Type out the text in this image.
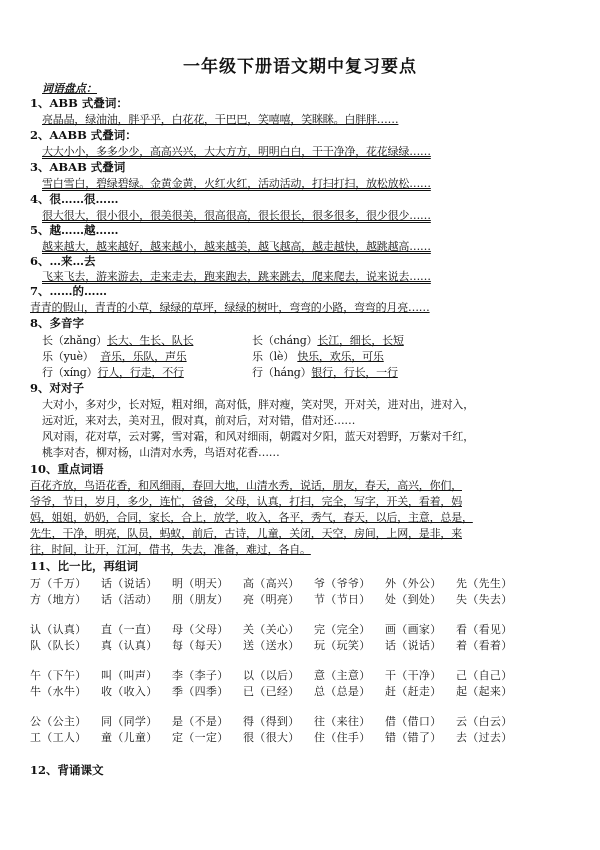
一年级下册语文期中复习要点
词语盘点：
1、ABB 式叠词：
亮晶晶，绿油油，胖乎乎，白花花，干巴巴，笑嘻嘻，笑眯眯。白胖胖……
2、AABB 式叠词：
大大小小，多多少少，高高兴兴，大大方方，明明白白，干干净净，花花绿绿……
3、ABAB 式叠词
雪白雪白，碧绿碧绿。金黄金黄，火红火红，活动活动，打扫打扫，放松放松……
4、很……很……
很大很大，很小很小，很美很美，很高很高，很长很长，很多很多，很少很少……
5、越……越……
越来越大，越来越好，越来越小，越来越美，越飞越高，越走越快，越跳越高……
6、…来…去
飞来飞去，游来游去，走来走去，跑来跑去，跳来跳去，爬来爬去，说来说去……
7、……的……
青青的假山，青青的小草，绿绿的草坪，绿绿的树叶，弯弯的小路，弯弯的月亮……
8、多音字
长（zhǎng）长大、生长、队长	长（cháng）长江，细长，长短
乐（yuè） 音乐，乐队，声乐	乐（lè） 快乐，欢乐，可乐
行（xíng）行人，行走，不行	行（háng）银行，行长，一行
9、对对子
大对小，多对少，长对短，粗对细，高对低，胖对瘦，笑对哭，开对关，进对出，进对入，
远对近，来对去，美对丑，假对真，前对后，对对错，借对还……
风对雨，花对草，云对雾，雪对霜，和风对细雨，朝霞对夕阳，蓝天对碧野，万紫对千红，
桃李对杏，柳对杨，山清对水秀，鸟语对花香……
10、重点词语
百花齐放，鸟语花香，和风细雨，春回大地，山清水秀，说话，朋友，春天，高兴，你们，
爷爷，节日，岁月，多少，连忙，爸爸，父母，认真，打扫，完全，写字，开关，看着，妈
妈，姐姐，奶奶，合同，家长，合上，放学，收入，各平，秀气，春天，以后，主意，总是，
先生，干净，明亮，队员，蚂蚁，前后，古诗，儿童，关闭，天空，房间，上网，是非，来
往，时间，让开，江河，借书，失去，准备，难过，各自。
11、比一比，再组词
万（千万） 话（说话） 明（明天） 高（高兴） 爷（爷爷） 外（外公） 先（先生）
方（地方） 话（活动） 朋（朋友） 亮（明亮） 节（节日） 处（到处） 失（失去）
认（认真） 直（一直） 母（父母） 关（关心） 完（完全） 画（画家） 看（看见）
队（队长） 真（认真） 每（每天） 送（送水） 玩（玩笑） 话（说话） 着（看着）
午（下午） 叫（叫声） 李（李子） 以（以后） 意（主意） 干（干净） 己（自己）
牛（水牛） 收（收入） 季（四季） 已（已经） 总（总是） 赶（赶走） 起（起来）
公（公主） 同（同学） 是（不是） 得（得到） 往（来往） 借（借口） 云（白云）
工（工人） 童（儿童） 定（一定） 很（很大） 住（住手） 错（错了） 去（过去）
12、背诵课文
